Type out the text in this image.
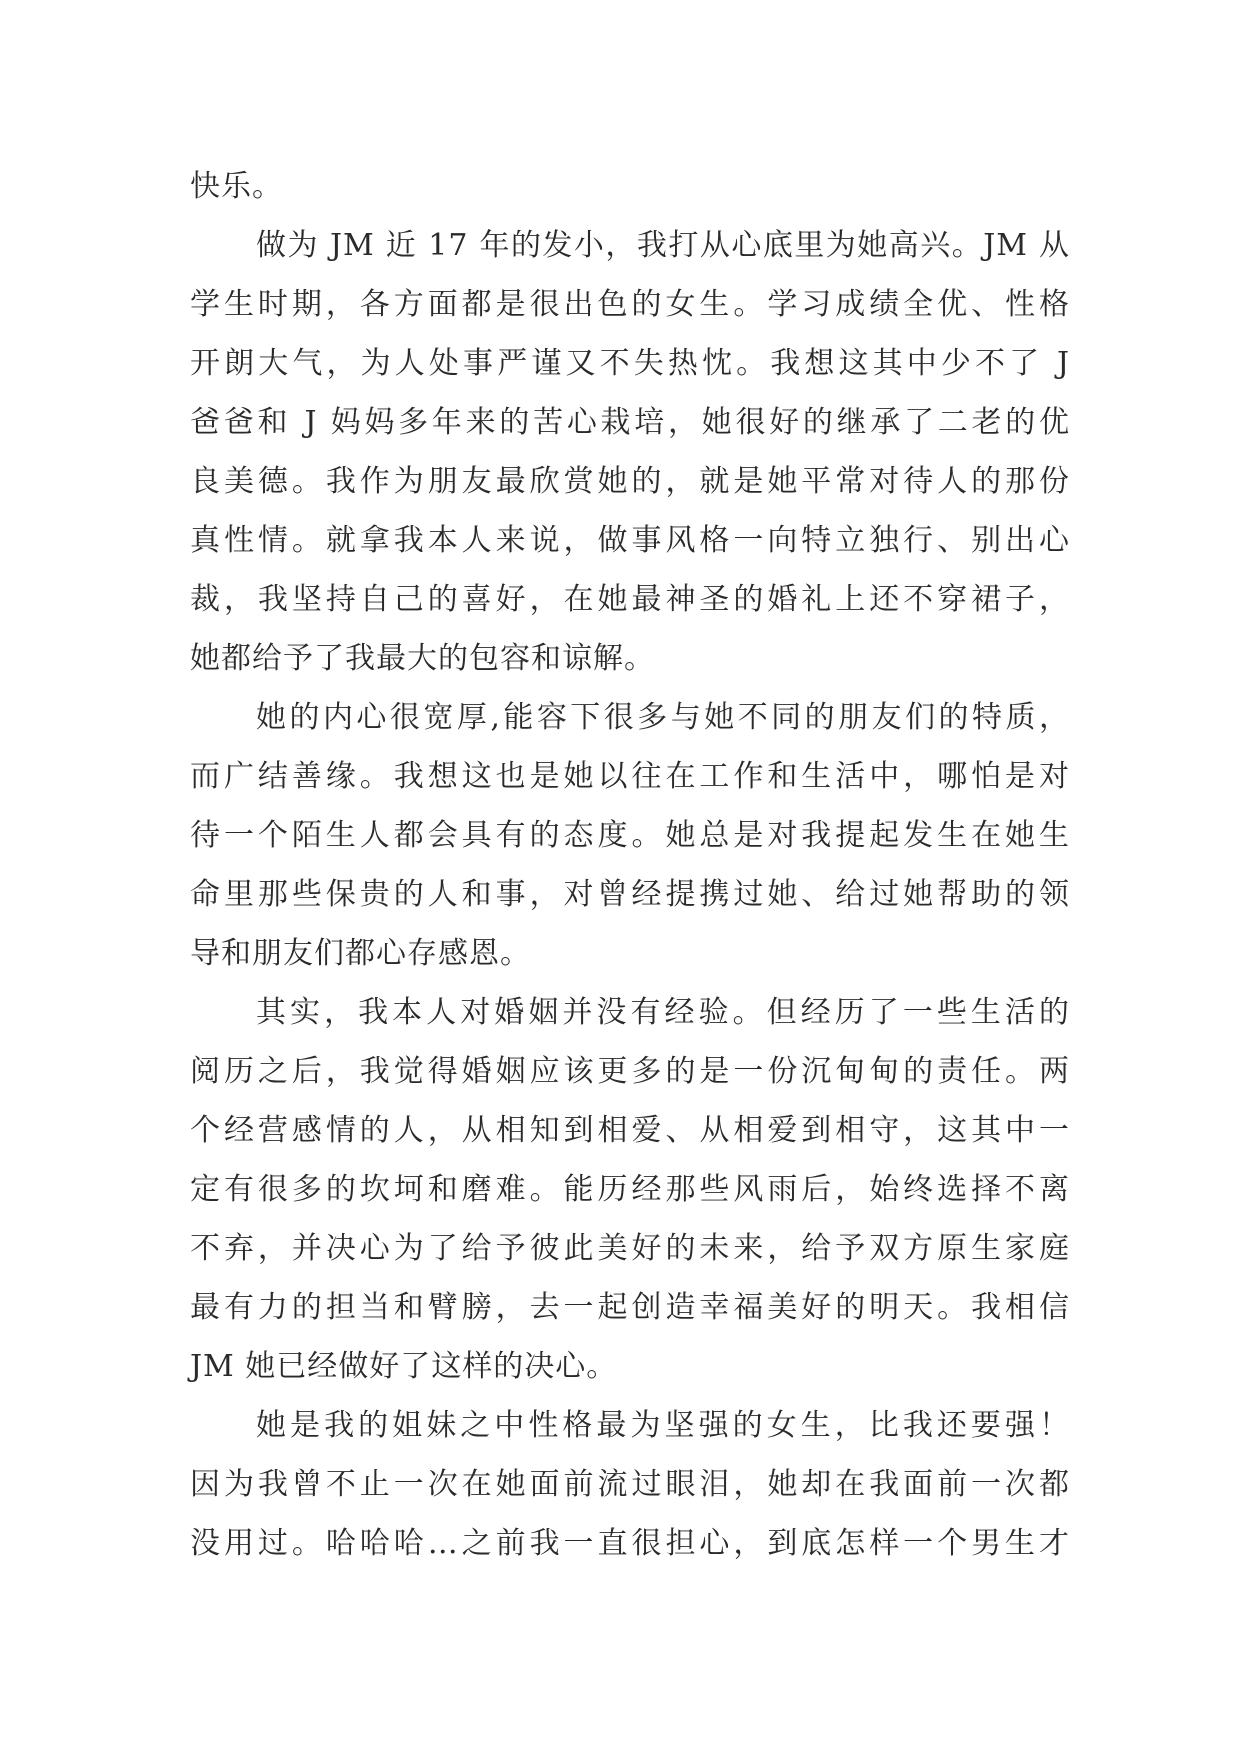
快乐。
做为 JM 近 17 年的发小，我打从心底里为她高兴。JM 从
学生时期，各方面都是很出色的女生。学习成绩全优、性格
开朗大气，为人处事严谨又不失热忱。我想这其中少不了 J
爸爸和 J 妈妈多年来的苦心栽培，她很好的继承了二老的优
良美德。我作为朋友最欣赏她的，就是她平常对待人的那份
真性情。就拿我本人来说，做事风格一向特立独行、别出心
裁，我坚持自己的喜好，在她最神圣的婚礼上还不穿裙子，
她都给予了我最大的包容和谅解。
她的内心很宽厚,能容下很多与她不同的朋友们的特质，
而广结善缘。我想这也是她以往在工作和生活中，哪怕是对
待一个陌生人都会具有的态度。她总是对我提起发生在她生
命里那些保贵的人和事，对曾经提携过她、给过她帮助的领
导和朋友们都心存感恩。
其实，我本人对婚姻并没有经验。但经历了一些生活的
阅历之后，我觉得婚姻应该更多的是一份沉甸甸的责任。两
个经营感情的人，从相知到相爱、从相爱到相守，这其中一
定有很多的坎坷和磨难。能历经那些风雨后，始终选择不离
不弃，并决心为了给予彼此美好的未来，给予双方原生家庭
最有力的担当和臂膀，去一起创造幸福美好的明天。我相信
JM 她已经做好了这样的决心。
她是我的姐妹之中性格最为坚强的女生，比我还要强！
因为我曾不止一次在她面前流过眼泪，她却在我面前一次都
没用过。哈哈哈…之前我一直很担心，到底怎样一个男生才
